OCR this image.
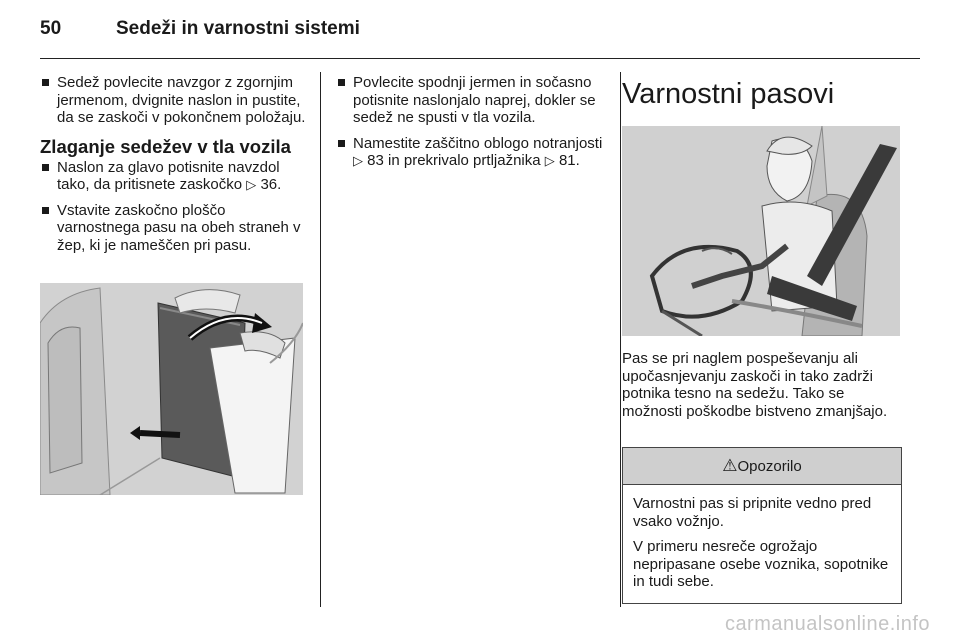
50	Sedeži in varnostni sistemi

Sedež povlecite navzgor z zgornjim jermenom, dvignite naslon in pustite, da se zaskoči v pokončnem položaju.

Zlaganje sedežev v tla vozila

Naslon za glavo potisnite navzdol tako, da pritisnete zaskočko ▷ 36.

Vstavite zaskočno ploščo varnostnega pasu na obeh straneh v žep, ki je nameščen pri pasu.

Povlecite spodnji jermen in sočasno potisnite naslonjalo naprej, dokler se sedež ne spusti v tla vozila.

Namestite zaščitno oblogo notranjosti ▷ 83 in prekrivalo prtljažnika ▷ 81.

Varnostni pasovi

Pas se pri naglem pospeševanju ali upočasnjevanju zaskoči in tako zadrži potnika tesno na sedežu. Tako se možnosti poškodbe bistveno zmanjšajo.

⚠ Opozorilo

Varnostni pas si pripnite vedno pred vsako vožnjo.

V primeru nesreče ogrožajo nepripasane osebe voznika, sopotnike in tudi sebe.

carmanualsonline.info
